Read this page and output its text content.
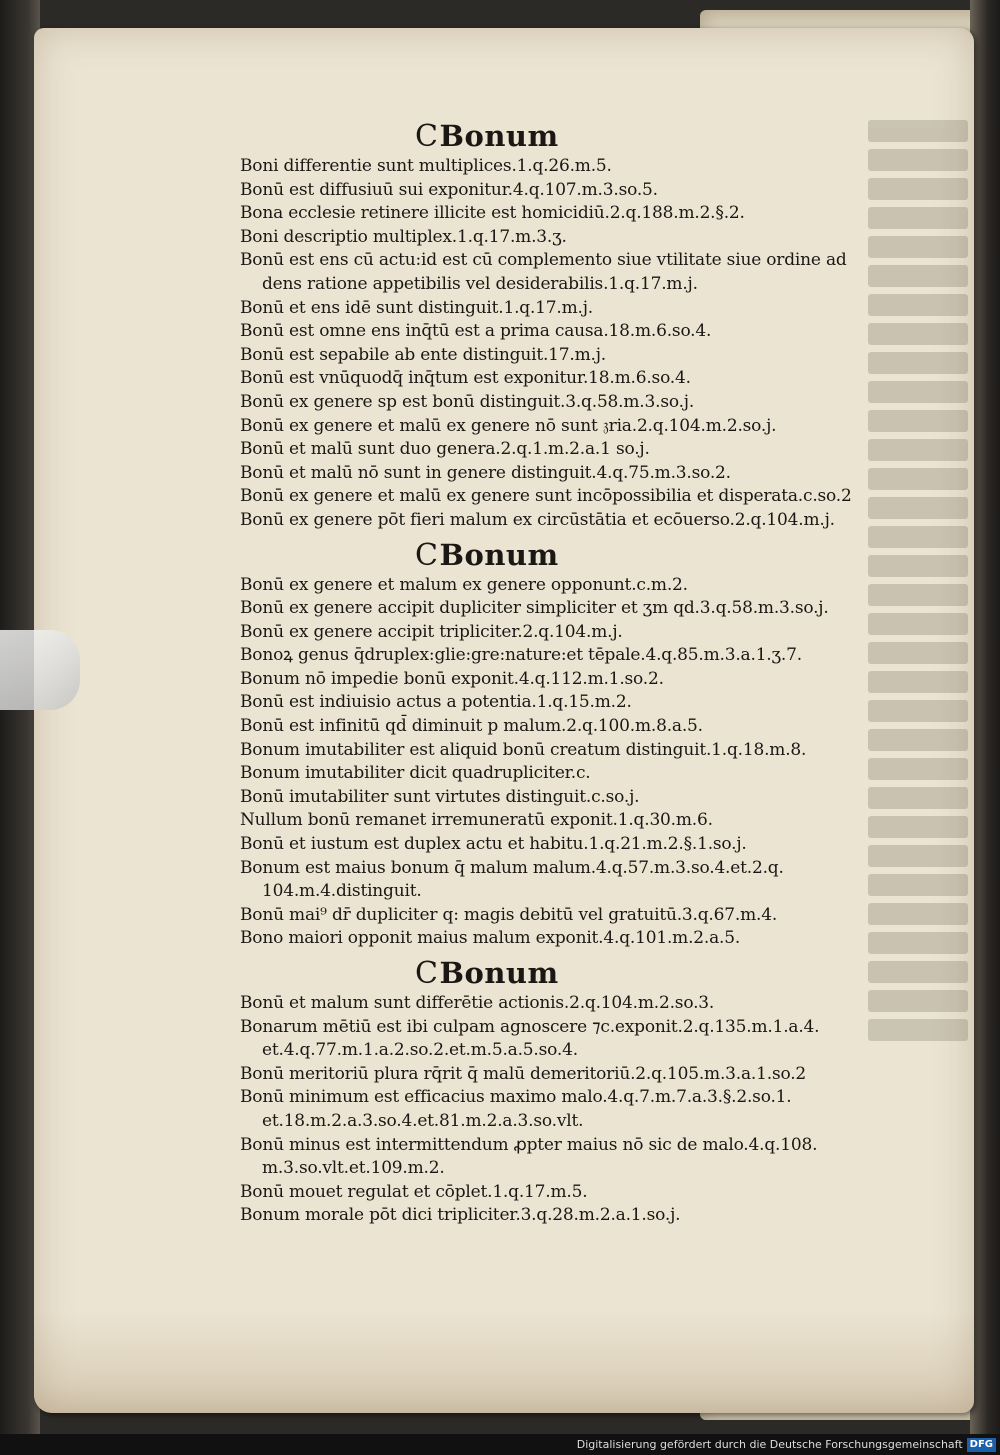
CBonum
Boni differentie sunt multiplices.1.q.26.m.5.
Bonū est diffusiuū sui exponitur.4.q.107.m.3.so.5.
Bona ecclesie retinere illicite est homicidiū.2.q.188.m.2.§.2.
Boni descriptio multiplex.1.q.17.m.3.ʒ.
Bonū est ens cū actu:id est cū complemento siue vtilitate siue ordine ad
dens ratione appetibilis vel desiderabilis.1.q.17.m.j.
Bonū et ens idē sunt distinguit.1.q.17.m.j.
Bonū est omne ens inq̄tū est a prima causa.18.m.6.so.4.
Bonū est sepabile ab ente distinguit.17.m.j.
Bonū est vnūquodq̄ inq̄tum est exponitur.18.m.6.so.4.
Bonū ex genere sp est bonū distinguit.3.q.58.m.3.so.j.
Bonū ex genere et malū ex genere nō sunt 𝔷ria.2.q.104.m.2.so.j.
Bonū et malū sunt duo genera.2.q.1.m.2.a.1 so.j.
Bonū et malū nō sunt in genere distinguit.4.q.75.m.3.so.2.
Bonū ex genere et malū ex genere sunt incōpossibilia et disperata.c.so.2
Bonū ex genere pōt fieri malum ex circūstātia et ecōuerso.2.q.104.m.j.
CBonum
Bonū ex genere et malum ex genere opponunt.c.m.2.
Bonū ex genere accipit dupliciter simpliciter et ʒm qd.3.q.58.m.3.so.j.
Bonū ex genere accipit tripliciter.2.q.104.m.j.
Bonoꝝ genus q̄druplex:glie:gre:nature:et tēpale.4.q.85.m.3.a.1.ʒ.7.
Bonum nō impedie bonū exponit.4.q.112.m.1.so.2.
Bonū est indiuisio actus a potentia.1.q.15.m.2.
Bonū est infinitū qd̄ diminuit p malum.2.q.100.m.8.a.5.
Bonum imutabiliter est aliquid bonū creatum distinguit.1.q.18.m.8.
Bonum imutabiliter dicit quadrupliciter.c.
Bonū imutabiliter sunt virtutes distinguit.c.so.j.
Nullum bonū remanet irremuneratū exponit.1.q.30.m.6.
Bonū et iustum est duplex actu et habitu.1.q.21.m.2.§.1.so.j.
Bonum est maius bonum q̄ malum malum.4.q.57.m.3.so.4.et.2.q.
104.m.4.distinguit.
Bonū mai⁹ dr̄ dupliciter q: magis debitū vel gratuitū.3.q.67.m.4.
Bono maiori opponit maius malum exponit.4.q.101.m.2.a.5.
CBonum
Bonū et malum sunt differētie actionis.2.q.104.m.2.so.3.
Bonarum mētiū est ibi culpam agnoscere ⁊c.exponit.2.q.135.m.1.a.4.
et.4.q.77.m.1.a.2.so.2.et.m.5.a.5.so.4.
Bonū meritoriū plura rq̄rit q̄ malū demeritoriū.2.q.105.m.3.a.1.so.2
Bonū minimum est efficacius maximo malo.4.q.7.m.7.a.3.§.2.so.1.
et.18.m.2.a.3.so.4.et.81.m.2.a.3.so.vlt.
Bonū minus est intermittendum ꝓpter maius nō sic de malo.4.q.108.
m.3.so.vlt.et.109.m.2.
Bonū mouet regulat et cōplet.1.q.17.m.5.
Bonum morale pōt dici tripliciter.3.q.28.m.2.a.1.so.j.
Digitalisierung gefördert durch die Deutsche Forschungsgemeinschaft DFG
